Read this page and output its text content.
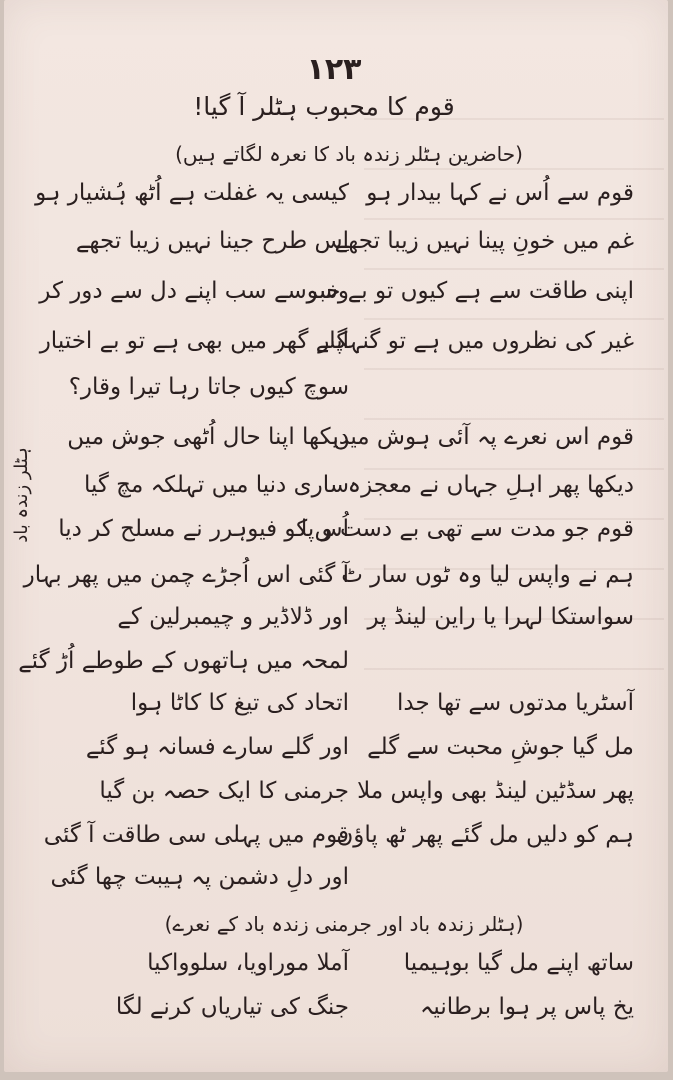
۱۲۳
قوم کا محبوب ہٹلر آ گیا!
(حاضرین ہٹلر زندہ باد کا نعرہ لگاتے ہیں)
ہٹلر زندہ باد
قوم سے اُس نے کہا بیدار ہو
کیسی یہ غفلت ہے اُٹھ ہُشیار ہو
غم میں خونِ پینا نہیں زیبا تجھے
اِس طرح جینا نہیں زیبا تجھے
اپنی طاقت سے ہے کیوں تو بے خبر
وسوسے سب اپنے دل سے دور کر
غیر کی نظروں میں ہے تو گنہگار
اپنے گھر میں بھی ہے تو بے اختیار
سوچ کیوں جاتا رہا تیرا وقار؟
قوم اس نعرے پہ آئی ہوش میں
دیکھا اپنا حال اُٹھی جوش میں
دیکھا پھر اہلِ جہاں نے معجزہ
ساری دنیا میں تہلکہ مچ گیا
قوم جو مدت سے تھی بے دست و پا
اُس کو فیوہرر نے مسلح کر دیا
ہم نے واپس لیا وہ ٹوں سار ٹ
آ گئی اس اُجڑے چمن میں پھر بہار
سواستکا لہرا یا راین لینڈ پر
اور ڈلاڈیر و چیمبرلین کے
لمحہ میں ہاتھوں کے طوطے اُڑ گئے
آسٹریا مدتوں سے تھا جدا
اتحاد کی تیغ کا کاٹا ہوا
مل گیا جوشِ محبت سے گلے
اور گلے سارے فسانہ ہو گئے
پھر سڈٹین لینڈ بھی واپس ملا
جرمنی کا ایک حصہ بن گیا
ہم کو دلیں مل گئے پھر ٹھ پاؤں
قوم میں پہلی سی طاقت آ گئی
اور دلِ دشمن پہ ہیبت چھا گئی
(ہٹلر زندہ باد اور جرمنی زندہ باد کے نعرے)
ساتھ اپنے مل گیا بوہیمیا
آملا موراویا، سلوواکیا
یخ پاس پر ہوا برطانیہ
جنگ کی تیاریاں کرنے لگا
